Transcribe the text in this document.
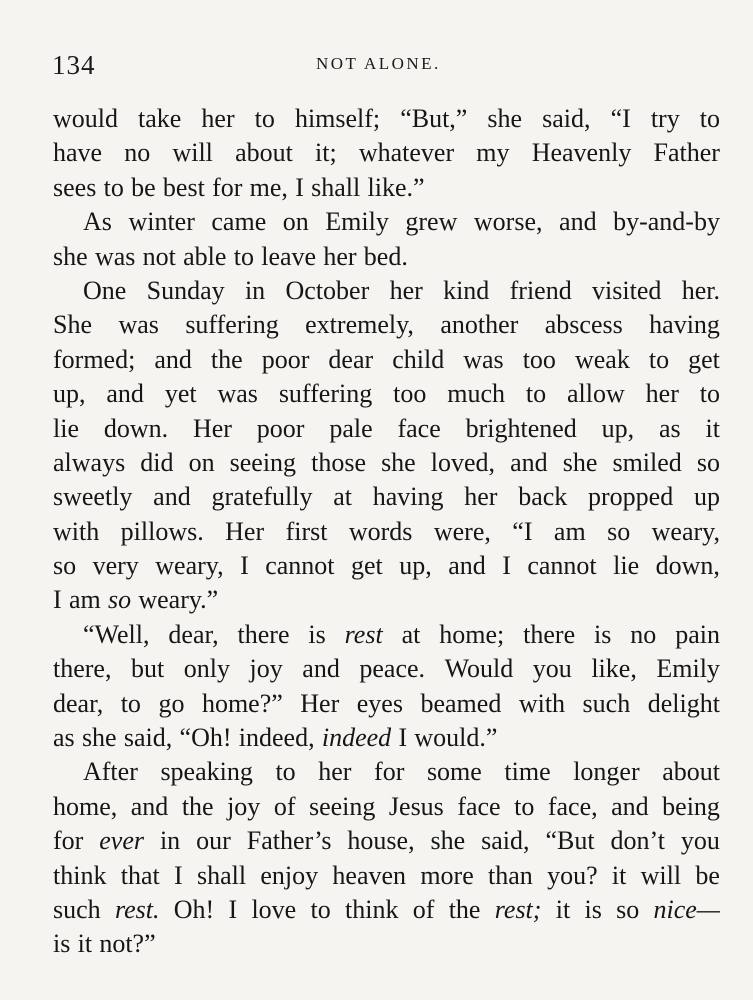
134	NOT ALONE.
would take her to himself; “But,” she said, “I try to
have no will about it; whatever my Heavenly Father
sees to be best for me, I shall like.”
As winter came on Emily grew worse, and by-and-by
she was not able to leave her bed.
One Sunday in October her kind friend visited her.
She was suffering extremely, another abscess having
formed; and the poor dear child was too weak to get
up, and yet was suffering too much to allow her to
lie down. Her poor pale face brightened up, as it
always did on seeing those she loved, and she smiled so
sweetly and gratefully at having her back propped up
with pillows. Her first words were, “I am so weary,
so very weary, I cannot get up, and I cannot lie down,
I am so weary.”
“Well, dear, there is rest at home; there is no pain
there, but only joy and peace. Would you like, Emily
dear, to go home?” Her eyes beamed with such delight
as she said, “Oh! indeed, indeed I would.”
After speaking to her for some time longer about
home, and the joy of seeing Jesus face to face, and being
for ever in our Father’s house, she said, “But don’t you
think that I shall enjoy heaven more than you? it will be
such rest. Oh! I love to think of the rest; it is so nice—
is it not?”
